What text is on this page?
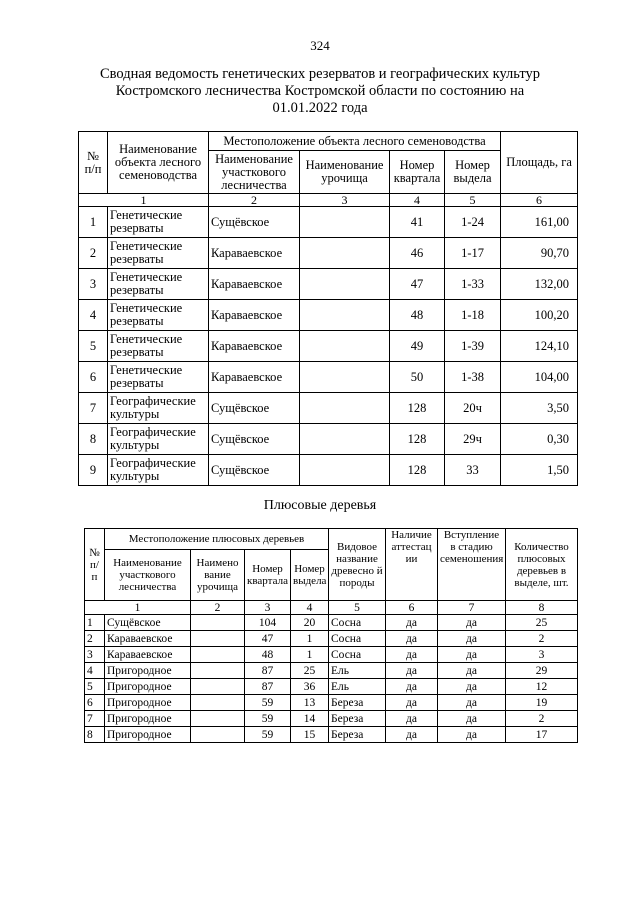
324
Сводная ведомость генетических резерватов и географических культур
Костромского лесничества Костромской области по состоянию на
01.01.2022 года
№ п/п	Наименование объекта лесного семеноводства	Местоположение объекта лесного семеноводства				Площадь, га
		Наименование участкового лесничества	Наименование урочища	Номер квартала	Номер выдела	
1		2	3	4	5	6
1	Генетические резерваты	Сущёвское		41	1-24	161,00
2	Генетические резерваты	Караваевское		46	1-17	90,70
3	Генетические резерваты	Караваевское		47	1-33	132,00
4	Генетические резерваты	Караваевское		48	1-18	100,20
5	Генетические резерваты	Караваевское		49	1-39	124,10
6	Генетические резерваты	Караваевское		50	1-38	104,00
7	Географические культуры	Сущёвское		128	20ч	3,50
8	Географические культуры	Сущёвское		128	29ч	0,30
9	Географические культуры	Сущёвское		128	33	1,50
Плюсовые деревья
№ п/ п	Местоположение плюсовых деревьев				Видовое название древесно й породы	Наличие аттестац ии	Вступление в стадию семеношения	Количество плюсовых деревьев в выделе, шт.
	Наименование участкового лесничества	Наимено вание урочища	Номер квартала	Номер выдела				
1		2	3	4	5	6	7	8
1	Сущёвское		104	20	Сосна	да	да	25
2	Караваевское		47	1	Сосна	да	да	2
3	Караваевское		48	1	Сосна	да	да	3
4	Пригородное		87	25	Ель	да	да	29
5	Пригородное		87	36	Ель	да	да	12
6	Пригородное		59	13	Береза	да	да	19
7	Пригородное		59	14	Береза	да	да	2
8	Пригородное		59	15	Береза	да	да	17
